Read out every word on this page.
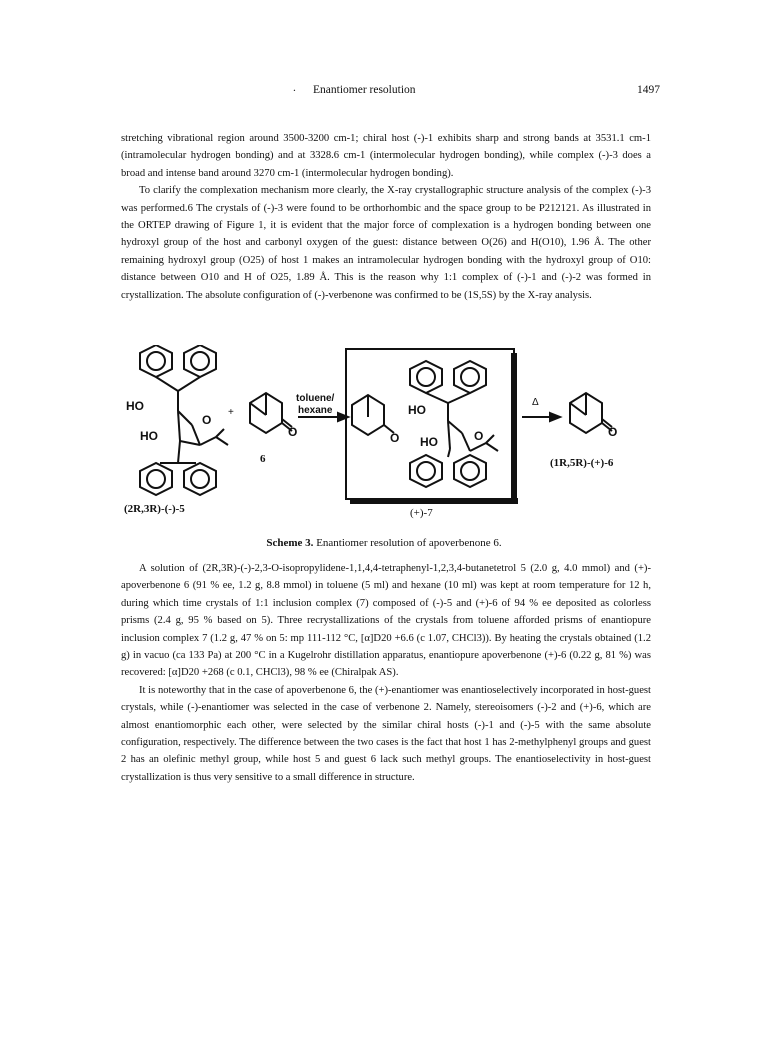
. Enantiomer resolution	1497

stretching vibrational region around 3500-3200 cm-1; chiral host (-)-1 exhibits sharp and strong bands at 3531.1 cm-1 (intramolecular hydrogen bonding) and at 3328.6 cm-1 (intermolecular hydrogen bonding), while complex (-)-3 does a broad and intense band around 3270 cm-1 (intermolecular hydrogen bonding).

To clarify the complexation mechanism more clearly, the X-ray crystallographic structure analysis of the complex (-)-3 was performed.6 The crystals of (-)-3 were found to be orthorhombic and the space group to be P212121. As illustrated in the ORTEP drawing of Figure 1, it is evident that the major force of complexation is a hydrogen bonding between one hydroxyl group of the host and carbonyl oxygen of the guest: distance between O(26) and H(O10), 1.96 Å. The other remaining hydroxyl group (O25) of host 1 makes an intramolecular hydrogen bonding with the hydroxyl group of O10: distance between O10 and H of O25, 1.89 Å. This is the reason why 1:1 complex of (-)-1 and (-)-2 was formed in crystallization. The absolute configuration of (-)-verbenone was confirmed to be (1S,5S) by the X-ray analysis.

HO
HO
O
+
O
6
toluene/
hexane
O
HO
HO	O
Δ
O
(2R,3R)-(-)-5	(+)-7
(1R,5R)-(+)-6
Scheme 3. Enantiomer resolution of apoverbenone 6.

A solution of (2R,3R)-(-)-2,3-O-isopropylidene-1,1,4,4-tetraphenyl-1,2,3,4-butanetetrol 5 (2.0 g, 4.0 mmol) and (+)-apoverbenone 6 (91 % ee, 1.2 g, 8.8 mmol) in toluene (5 ml) and hexane (10 ml) was kept at room temperature for 12 h, during which time crystals of 1:1 inclusion complex (7) composed of (-)-5 and (+)-6 of 94 % ee deposited as colorless prisms (2.4 g, 95 % based on 5). Three recrystallizations of the crystals from toluene afforded prisms of enantiopure inclusion complex 7 (1.2 g, 47 % on 5: mp 111-112 °C, [α]D20 +6.6 (c 1.07, CHCl3)). By heating the crystals obtained (1.2 g) in vacuo (ca 133 Pa) at 200 °C in a Kugelrohr distillation apparatus, enantiopure apoverbenone (+)-6 (0.22 g, 81 %) was recovered: [α]D20 +268 (c 0.1, CHCl3), 98 % ee (Chiralpak AS).

It is noteworthy that in the case of apoverbenone 6, the (+)-enantiomer was enantioselectively incorporated in host-guest crystals, while (-)-enantiomer was selected in the case of verbenone 2. Namely, stereoisomers (-)-2 and (+)-6, which are almost enantiomorphic each other, were selected by the similar chiral hosts (-)-1 and (-)-5 with the same absolute configuration, respectively. The difference between the two cases is the fact that host 1 has 2-methylphenyl groups and guest 2 has an olefinic methyl group, while host 5 and guest 6 lack such methyl groups. The enantioselectivity in host-guest crystallization is thus very sensitive to a small difference in structure.
